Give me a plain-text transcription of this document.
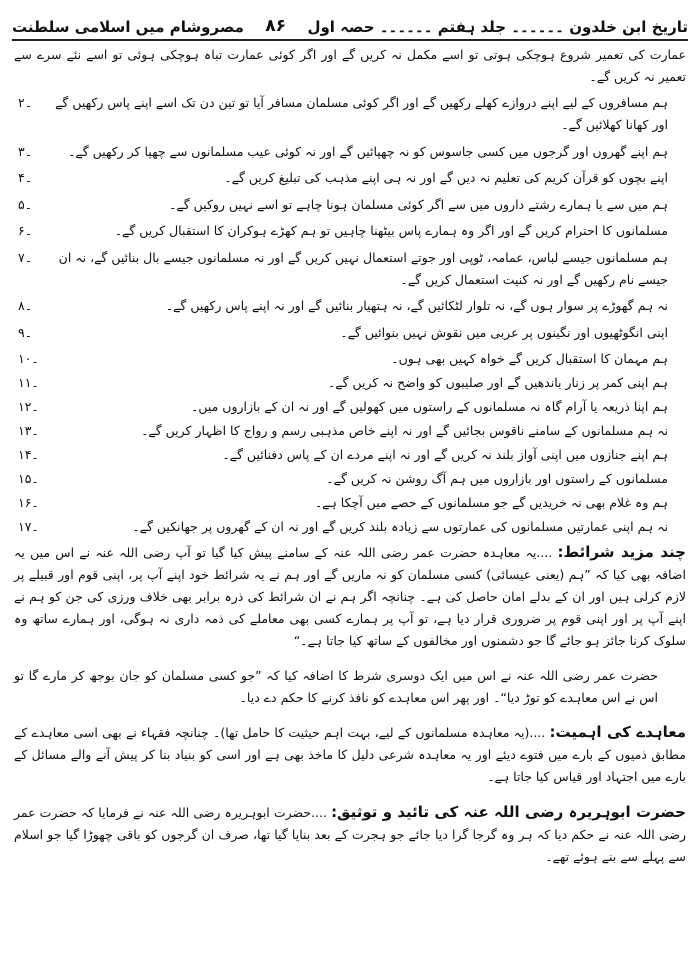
تاریخ ابن خلدون ۔۔۔۔۔۔ جلد ہفتم ۔۔۔۔۔۔ حصہ اول
۸۶
مصروشام میں اسلامی سلطنت

عمارت کی تعمیر شروع ہوچکی ہوتی تو اسے مکمل نہ کریں گے اور اگر کوئی عمارت تباہ ہوچکی ہوئی تو اسے نئے سرے سے تعمیر نہ کریں گے۔

ہم مسافروں کے لیے اپنے دروازے کھلے رکھیں گے اور اگر کوئی مسلمان مسافر آیا تو تین دن تک اسے اپنے پاس رکھیں گے اور کھانا کھلائیں گے۔
۲۔
ہم اپنے گھروں اور گرجوں میں کسی جاسوس کو نہ چھپائیں گے اور نہ کوئی عیب مسلمانوں سے چھپا کر رکھیں گے۔
۳۔
اپنے بچوں کو قرآن کریم کی تعلیم نہ دیں گے اور نہ ہی اپنے مذہب کی تبلیغ کریں گے۔
۴۔
ہم میں سے یا ہمارے رشتے داروں میں سے اگر کوئی مسلمان ہونا چاہے تو اسے نہیں روکیں گے۔
۵۔
مسلمانوں کا احترام کریں گے اور اگر وہ ہمارے پاس بیٹھنا چاہیں تو ہم کھڑے ہوکران کا استقبال کریں گے۔
۶۔
ہم مسلمانوں جیسے لباس، عمامہ، ٹوپی اور جوتے استعمال نہیں کریں گے اور نہ مسلمانوں جیسے بال بنائیں گے، نہ ان جیسے نام رکھیں گے اور نہ کنیت استعمال کریں گے۔
۷۔
نہ ہم گھوڑے پر سوار ہوں گے، نہ تلوار لٹکائیں گے، نہ ہتھیار بنائیں گے اور نہ اپنے پاس رکھیں گے۔
۸۔
اپنی انگوٹھیوں اور نگینوں پر عربی میں نقوش نہیں بنوائیں گے۔
۹۔
ہم مہمان کا استقبال کریں گے خواہ کہیں بھی ہوں۔
۱۰۔
ہم اپنی کمر پر زنار باندھیں گے اور صلیبوں کو واضح نہ کریں گے۔
۱۱۔
ہم اپنا ذریعہ یا آرام گاہ نہ مسلمانوں کے راستوں میں کھولیں گے اور نہ ان کے بازاروں میں۔
۱۲۔
نہ ہم مسلمانوں کے سامنے ناقوس بجائیں گے اور نہ اپنے خاص مذہبی رسم و رواج کا اظہار کریں گے۔
۱۳۔
ہم اپنے جنازوں میں اپنی آواز بلند نہ کریں گے اور نہ اپنے مردے ان کے پاس دفنائیں گے۔
۱۴۔
مسلمانوں کے راستوں اور بازاروں میں ہم آگ روشن نہ کریں گے۔
۱۵۔
ہم وہ غلام بھی نہ خریدیں گے جو مسلمانوں کے حصے میں آچکا ہے۔
۱۶۔
نہ ہم اپنی عمارتیں مسلمانوں کی عمارتوں سے زیادہ بلند کریں گے اور نہ ان کے گھروں پر جھانکیں گے۔
۱۷۔

چند مزید شرائط: ....یہ معاہدہ حضرت عمر رضی اللہ عنہ کے سامنے پیش کیا گیا تو آپ رضی اللہ عنہ نے اس میں یہ اضافہ بھی کیا کہ ”ہم (یعنی عیسائی) کسی مسلمان کو نہ ماریں گے اور ہم نے یہ شرائط خود اپنے آپ پر، اپنی قوم اور قبیلے پر لازم کرلی ہیں اور ان کے بدلے امان حاصل کی ہے۔ چنانچہ اگر ہم نے ان شرائط کی ذرہ برابر بھی خلاف ورزی کی جن کو ہم نے اپنے آپ پر اور اپنی قوم پر ضروری قرار دیا ہے، تو آپ پر ہمارے کسی بھی معاملے کی ذمہ داری نہ ہوگی، اور ہمارے ساتھ وہ سلوک کرنا جائز ہو جائے گا جو دشمنوں اور مخالفوں کے ساتھ کیا جاتا ہے۔“

حضرت عمر رضی اللہ عنہ نے اس میں ایک دوسری شرط کا اضافہ کیا کہ ”جو کسی مسلمان کو جان بوجھ کر مارے گا تو اس نے اس معاہدے کو توڑ دیا“۔ اور پھر اس معاہدے کو نافذ کرنے کا حکم دے دیا۔

معاہدے کی اہمیت: ....(یہ معاہدہ مسلمانوں کے لیے، بہت اہم حیثیت کا حامل تھا)۔ چنانچہ فقہاء نے بھی اسی معاہدے کے مطابق ذمیوں کے بارے میں فتوے دیئے اور یہ معاہدہ شرعی دلیل کا ماخذ بھی ہے اور اسی کو بنیاد بنا کر پیش آنے والے مسائل کے بارے میں اجتہاد اور قیاس کیا جاتا ہے۔

حضرت ابوہریرہ رضی اللہ عنہ کی تائید و توثیق: ....حضرت ابوہریرہ رضی اللہ عنہ نے فرمایا کہ حضرت عمر رضی اللہ عنہ نے حکم دیا کہ ہر وہ گرجا گرا دیا جائے جو ہجرت کے بعد بنایا گیا تھا، صرف ان گرجوں کو باقی چھوڑا گیا جو اسلام سے پہلے سے بنے ہوئے تھے۔
